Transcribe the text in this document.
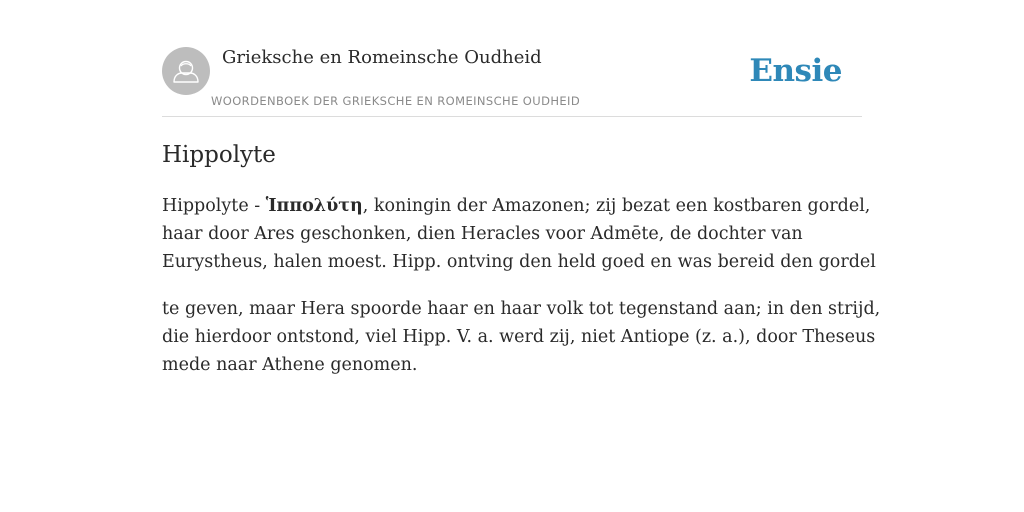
Grieksche en Romeinsche Oudheid
WOORDENBOEK DER GRIEKSCHE EN ROMEINSCHE OUDHEID
Ensie
Hippolyte

Hippolyte - Ἱππολύτη, koningin der Amazonen; zij bezat een kostbaren gordel,
haar door Ares geschonken, dien Heracles voor Admēte, de dochter van
Eurystheus, halen moest. Hipp. ontving den held goed en was bereid den gordel

te geven, maar Hera spoorde haar en haar volk tot tegenstand aan; in den strijd,
die hierdoor ontstond, viel Hipp. V. a. werd zij, niet Antiope (z. a.), door Theseus
mede naar Athene genomen.
